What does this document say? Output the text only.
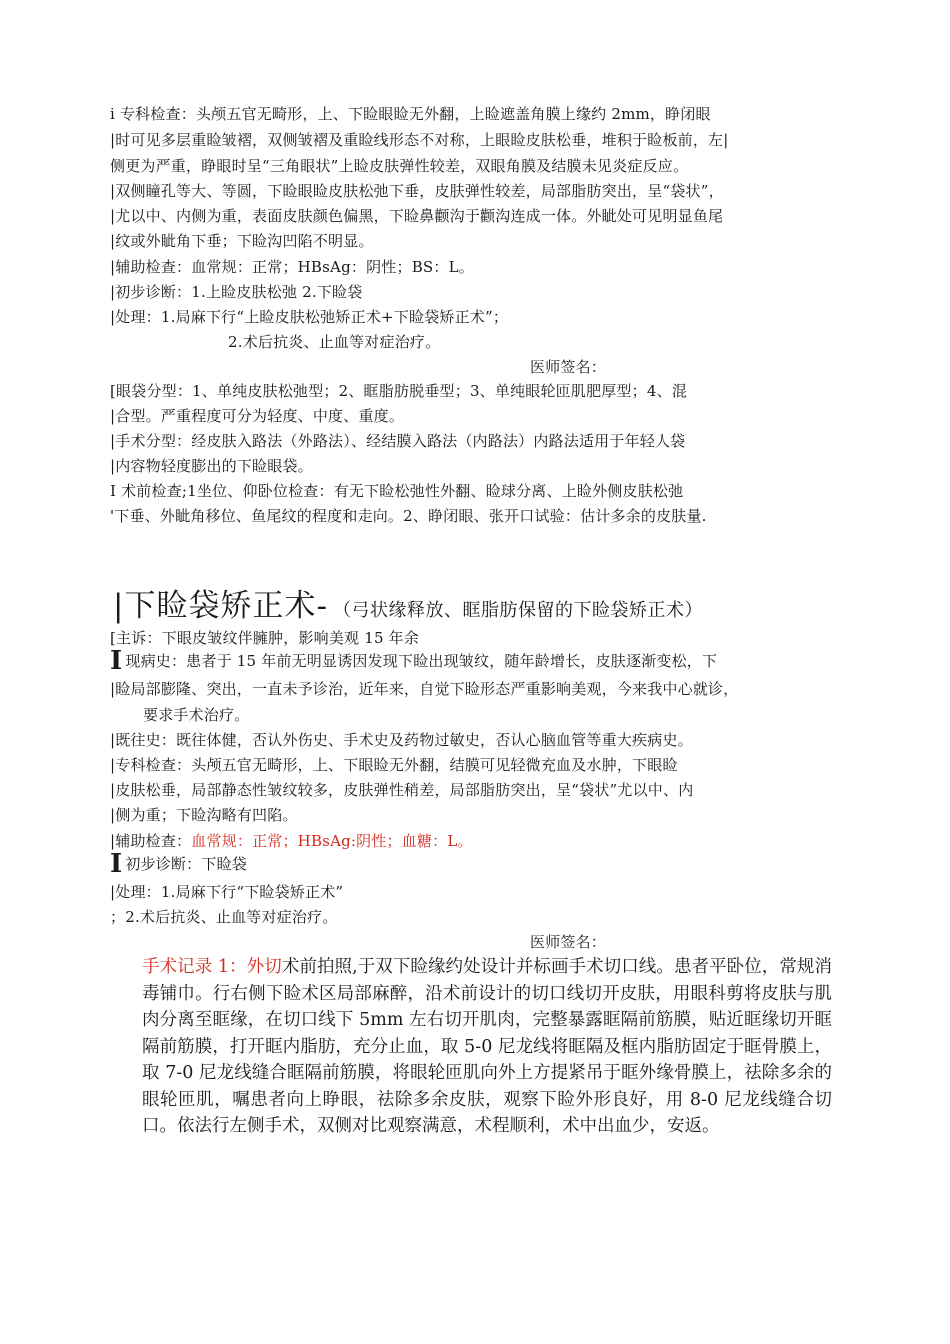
i 专科检查：头颅五官无畸形，上、下睑眼睑无外翻，上睑遮盖角膜上缘约 2mm，睁闭眼
|时可见多层重睑皱褶，双侧皱褶及重睑线形态不对称，上眼睑皮肤松垂，堆积于睑板前，左|
侧更为严重，睁眼时呈“三角眼状”上睑皮肤弹性较差，双眼角膜及结膜未见炎症反应。
|双侧瞳孔等大、等圆，下睑眼睑皮肤松弛下垂，皮肤弹性较差，局部脂肪突出，呈“袋状”，
|尤以中、内侧为重，表面皮肤颜色偏黑，下睑鼻颧沟于颧沟连成一体。外眦处可见明显鱼尾
|纹或外眦角下垂；下睑沟凹陷不明显。
|辅助检查：血常规：正常；HBsAg：阴性；BS：L。
|初步诊断：1.上睑皮肤松弛 2.下睑袋
|处理：1.局麻下行“上睑皮肤松弛矫正术+下睑袋矫正术”；
2.术后抗炎、止血等对症治疗。
医师签名：
[眼袋分型：1、单纯皮肤松弛型；2、眶脂肪脱垂型；3、单纯眼轮匝肌肥厚型；4、混
|合型。严重程度可分为轻度、中度、重度。
|手术分型：经皮肤入路法（外路法）、经结膜入路法（内路法）内路法适用于年轻人袋
|内容物轻度膨出的下睑眼袋。
I 术前检查;1坐位、仰卧位检查：有无下睑松弛性外翻、睑球分离、上睑外侧皮肤松弛
'下垂、外眦角移位、鱼尾纹的程度和走向。2、睁闭眼、张开口试验：估计多余的皮肤量.
|下睑袋矫正术- （弓状缘释放、眶脂肪保留的下睑袋矫正术）
[主诉：下眼皮皱纹伴臃肿，影响美观 15 年余
I现病史：患者于 15 年前无明显诱因发现下睑出现皱纹，随年龄增长，皮肤逐渐变松，下
|睑局部膨隆、突出，一直未予诊治，近年来，自觉下睑形态严重影响美观，今来我中心就诊，
要求手术治疗。
|既往史：既往体健，否认外伤史、手术史及药物过敏史，否认心脑血管等重大疾病史。
|专科检查：头颅五官无畸形，上、下眼睑无外翻，结膜可见轻微充血及水肿，下眼睑
|皮肤松垂，局部静态性皱纹较多，皮肤弹性稍差，局部脂肪突出，呈“袋状”尤以中、内
|侧为重；下睑沟略有凹陷。
|辅助检查：血常规：正常；HBsAg:阴性；血糖：L。
I初步诊断：下睑袋
|处理：1.局麻下行“下睑袋矫正术”
；2.术后抗炎、止血等对症治疗。
医师签名：

手术记录 1：外切术前拍照,于双下睑缘约处设计并标画手术切口线。患者平卧位，常规消毒铺巾。行右侧下睑术区局部麻醉，沿术前设计的切口线切开皮肤，用眼科剪将皮肤与肌肉分离至眶缘，在切口线下 5mm 左右切开肌肉，完整暴露眶隔前筋膜，贴近眶缘切开眶隔前筋膜，打开眶内脂肪，充分止血，取 5-0 尼龙线将眶隔及框内脂肪固定于眶骨膜上，取 7-0 尼龙线缝合眶隔前筋膜，将眼轮匝肌向外上方提紧吊于眶外缘骨膜上，祛除多余的眼轮匝肌，嘱患者向上睁眼，祛除多余皮肤，观察下睑外形良好，用 8-0 尼龙线缝合切口。依法行左侧手术，双侧对比观察满意，术程顺利，术中出血少，安返。
